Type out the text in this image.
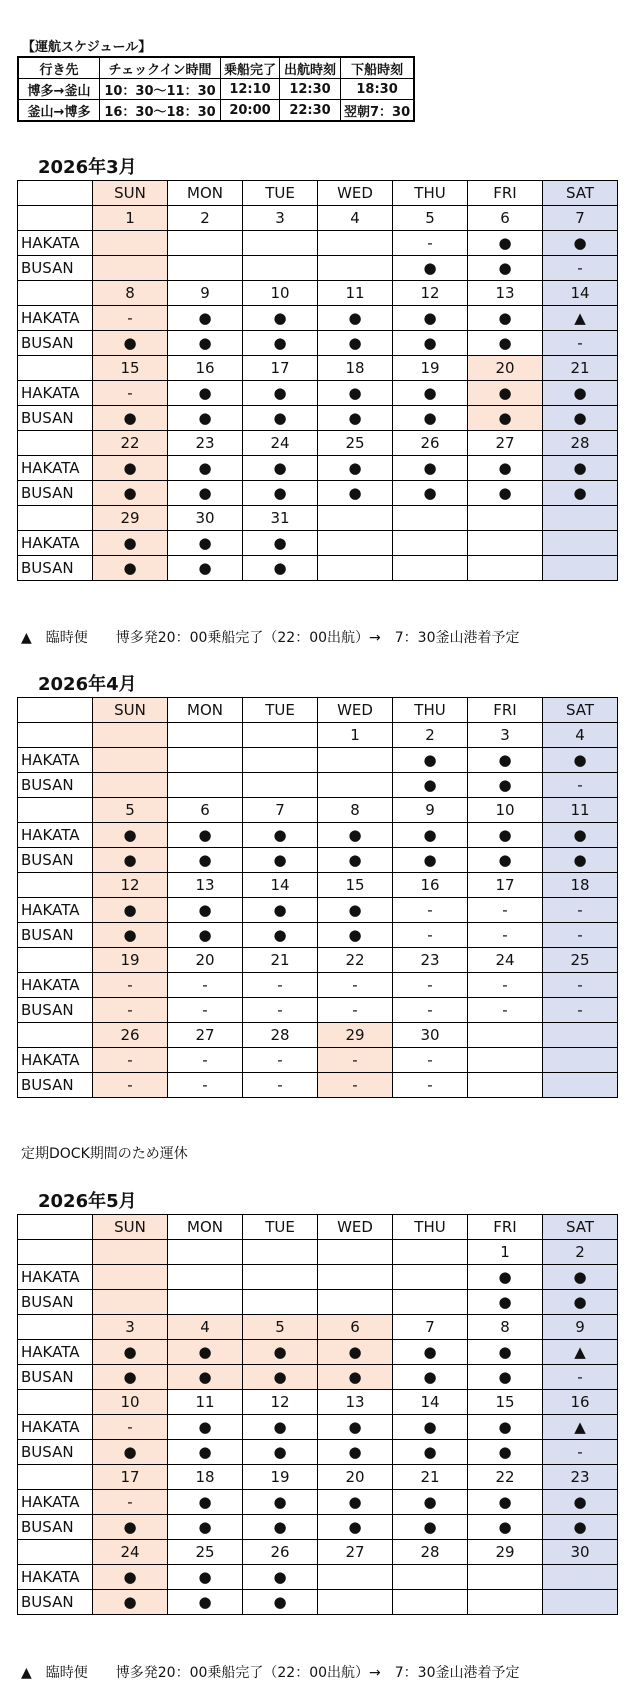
【運航スケジュール】
行き先	チェックイン時間	乗船完了	出航時刻	下船時刻
博多→釜山	10：30～11：30	12:10	12:30	18:30
釜山→博多	16：30～18：30	20:00	22:30	翌朝7：30
2026年3月
	SUN	MON	TUE	WED	THU	FRI	SAT
	1	2	3	4	5	6	7
HAKATA					-	●	●
BUSAN					●	●	-
	8	9	10	11	12	13	14
HAKATA	-	●	●	●	●	●	▲
BUSAN	●	●	●	●	●	●	-
	15	16	17	18	19	20	21
HAKATA	-	●	●	●	●	●	●
BUSAN	●	●	●	●	●	●	●
	22	23	24	25	26	27	28
HAKATA	●	●	●	●	●	●	●
BUSAN	●	●	●	●	●	●	●
	29	30	31				
HAKATA	●	●	●				
BUSAN	●	●	●				
▲　臨時便　　博多発20：00乗船完了（22：00出航）→　7：30釜山港着予定
2026年4月
	SUN	MON	TUE	WED	THU	FRI	SAT
				1	2	3	4
HAKATA					●	●	●
BUSAN					●	●	-
	5	6	7	8	9	10	11
HAKATA	●	●	●	●	●	●	●
BUSAN	●	●	●	●	●	●	●
	12	13	14	15	16	17	18
HAKATA	●	●	●	●	-	-	-
BUSAN	●	●	●	●	-	-	-
	19	20	21	22	23	24	25
HAKATA	-	-	-	-	-	-	-
BUSAN	-	-	-	-	-	-	-
	26	27	28	29	30		
HAKATA	-	-	-	-	-		
BUSAN	-	-	-	-	-		
定期DOCK期間のため運休
2026年5月
	SUN	MON	TUE	WED	THU	FRI	SAT
						1	2
HAKATA						●	●
BUSAN						●	●
	3	4	5	6	7	8	9
HAKATA	●	●	●	●	●	●	▲
BUSAN	●	●	●	●	●	●	-
	10	11	12	13	14	15	16
HAKATA	-	●	●	●	●	●	▲
BUSAN	●	●	●	●	●	●	-
	17	18	19	20	21	22	23
HAKATA	-	●	●	●	●	●	●
BUSAN	●	●	●	●	●	●	●
	24	25	26	27	28	29	30
HAKATA	●	●	●				
BUSAN	●	●	●				
▲　臨時便　　博多発20：00乗船完了（22：00出航）→　7：30釜山港着予定
